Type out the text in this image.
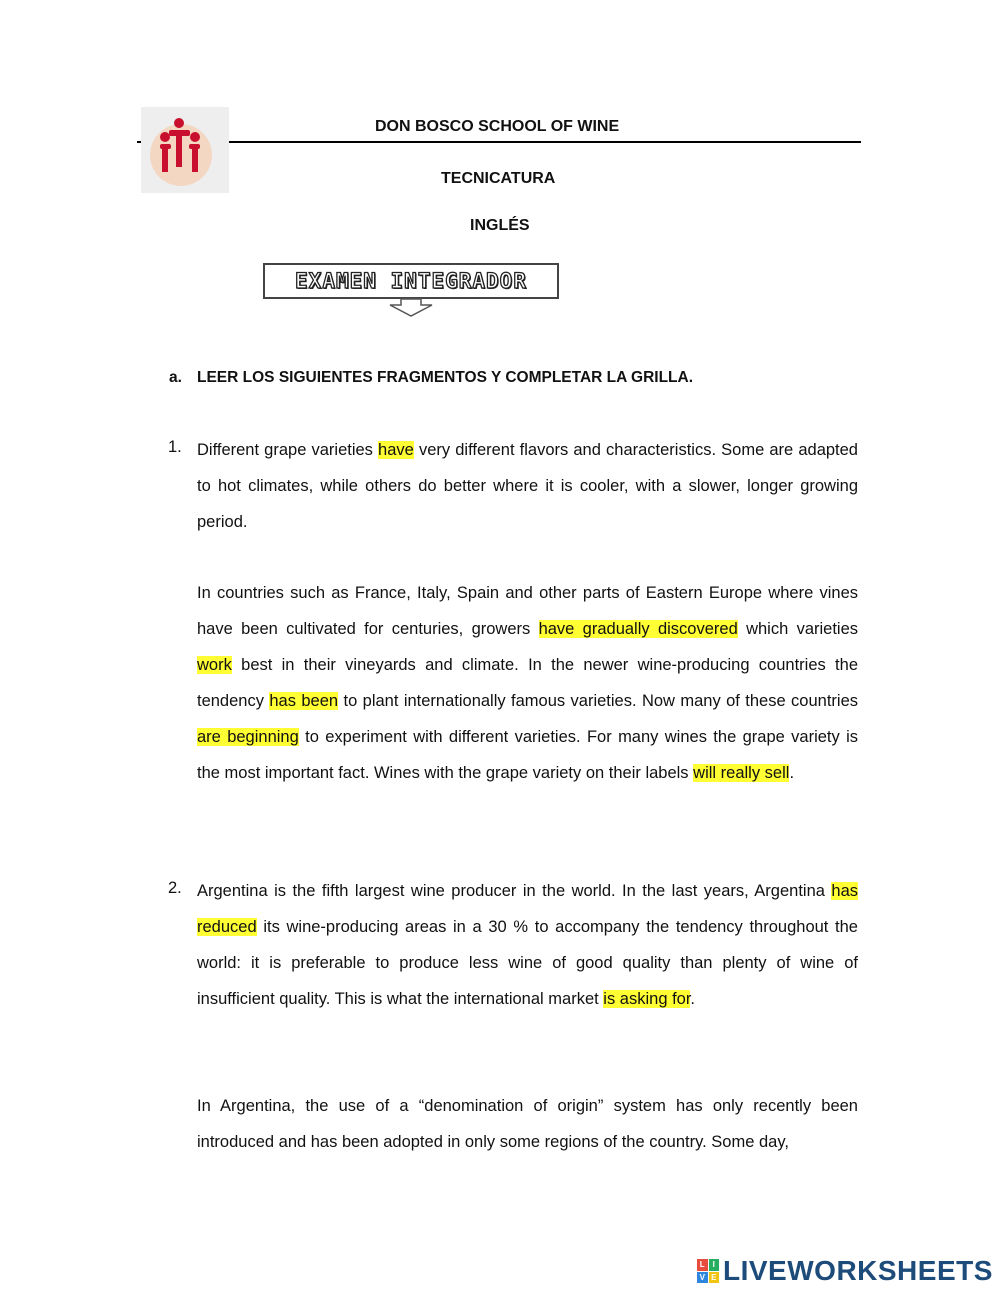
DON BOSCO SCHOOL OF WINE
TECNICATURA
INGLÉS
EXAMEN INTEGRADOR
a. LEER LOS SIGUIENTES FRAGMENTOS Y COMPLETAR LA GRILLA.
1. Different grape varieties have very different flavors and characteristics. Some are adapted to hot climates, while others do better where it is cooler, with a slower, longer growing period.
In countries such as France, Italy, Spain and other parts of Eastern Europe where vines have been cultivated for centuries, growers have gradually discovered which varieties work best in their vineyards and climate. In the newer wine-producing countries the tendency has been to plant internationally famous varieties. Now many of these countries are beginning to experiment with different varieties. For many wines the grape variety is the most important fact. Wines with the grape variety on their labels will really sell.
2. Argentina is the fifth largest wine producer in the world. In the last years, Argentina has reduced its wine-producing areas in a 30 % to accompany the tendency throughout the world: it is preferable to produce less wine of good quality than plenty of wine of insufficient quality. This is what the international market is asking for.
In Argentina, the use of a “denomination of origin” system has only recently been introduced and has been adopted in only some regions of the country. Some day,
L I
V E LIVEWORKSHEETS
